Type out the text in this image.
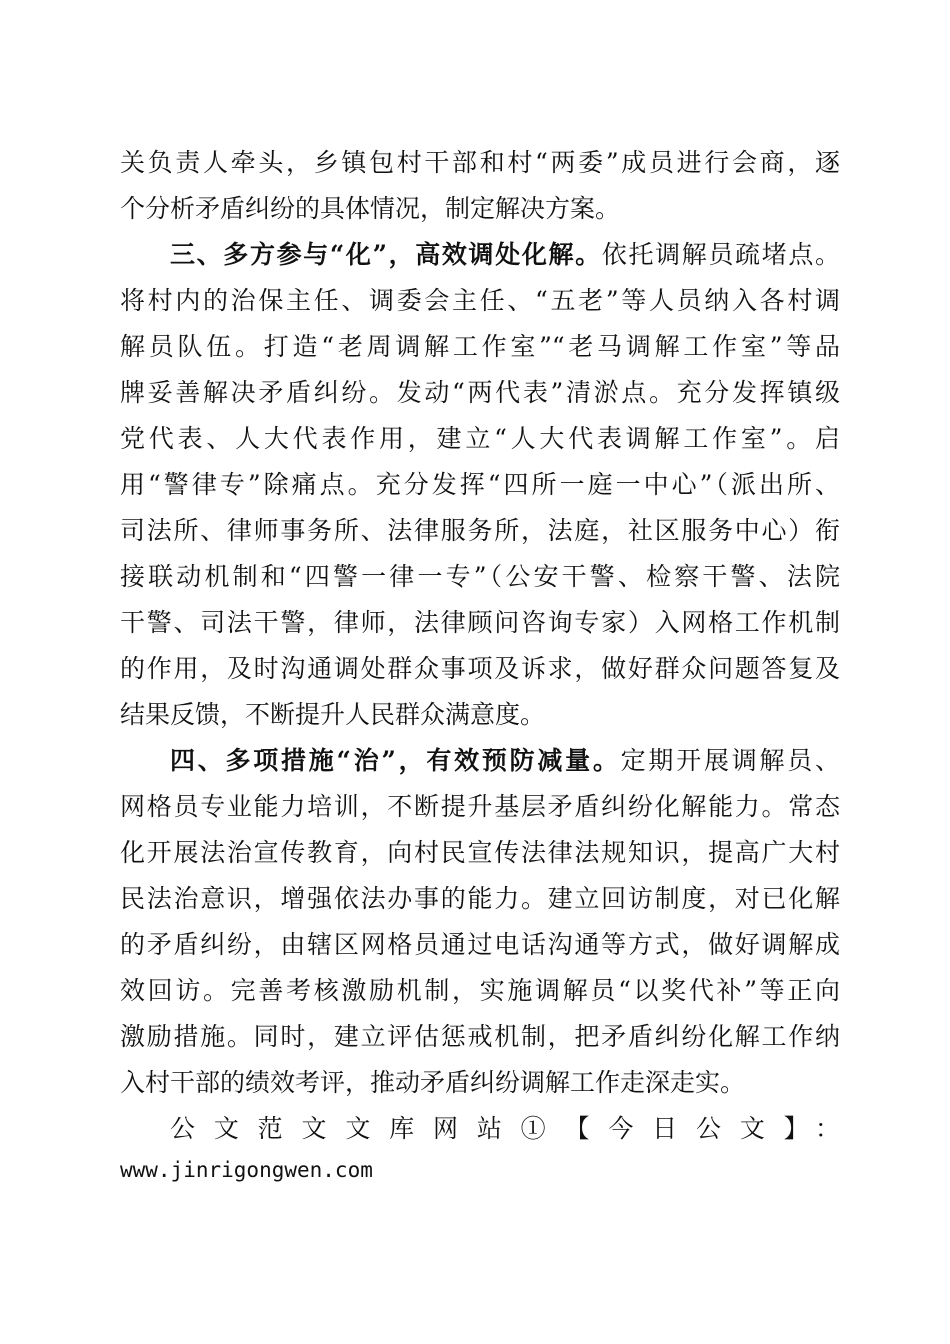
关负责人牵头，乡镇包村干部和村“两委”成员进行会商，逐
个分析矛盾纠纷的具体情况，制定解决方案。
三、多方参与“化”，高效调处化解。依托调解员疏堵点。
将村内的治保主任、调委会主任、“五老”等人员纳入各村调
解员队伍。打造“老周调解工作室”“老马调解工作室”等品
牌妥善解决矛盾纠纷。发动“两代表”清淤点。充分发挥镇级
党代表、人大代表作用，建立“人大代表调解工作室”。启
用“警律专”除痛点。充分发挥“四所一庭一中心”（派出所、
司法所、律师事务所、法律服务所，法庭，社区服务中心）衔
接联动机制和“四警一律一专”（公安干警、检察干警、法院
干警、司法干警，律师，法律顾问咨询专家）入网格工作机制
的作用，及时沟通调处群众事项及诉求，做好群众问题答复及
结果反馈，不断提升人民群众满意度。
四、多项措施“治”，有效预防减量。定期开展调解员、
网格员专业能力培训，不断提升基层矛盾纠纷化解能力。常态
化开展法治宣传教育，向村民宣传法律法规知识，提高广大村
民法治意识，增强依法办事的能力。建立回访制度，对已化解
的矛盾纠纷，由辖区网格员通过电话沟通等方式，做好调解成
效回访。完善考核激励机制，实施调解员“以奖代补”等正向
激励措施。同时，建立评估惩戒机制，把矛盾纠纷化解工作纳
入村干部的绩效考评，推动矛盾纠纷调解工作走深走实。
公文范文文库网站①【今日公文】：
www.jinrigongwen.com
